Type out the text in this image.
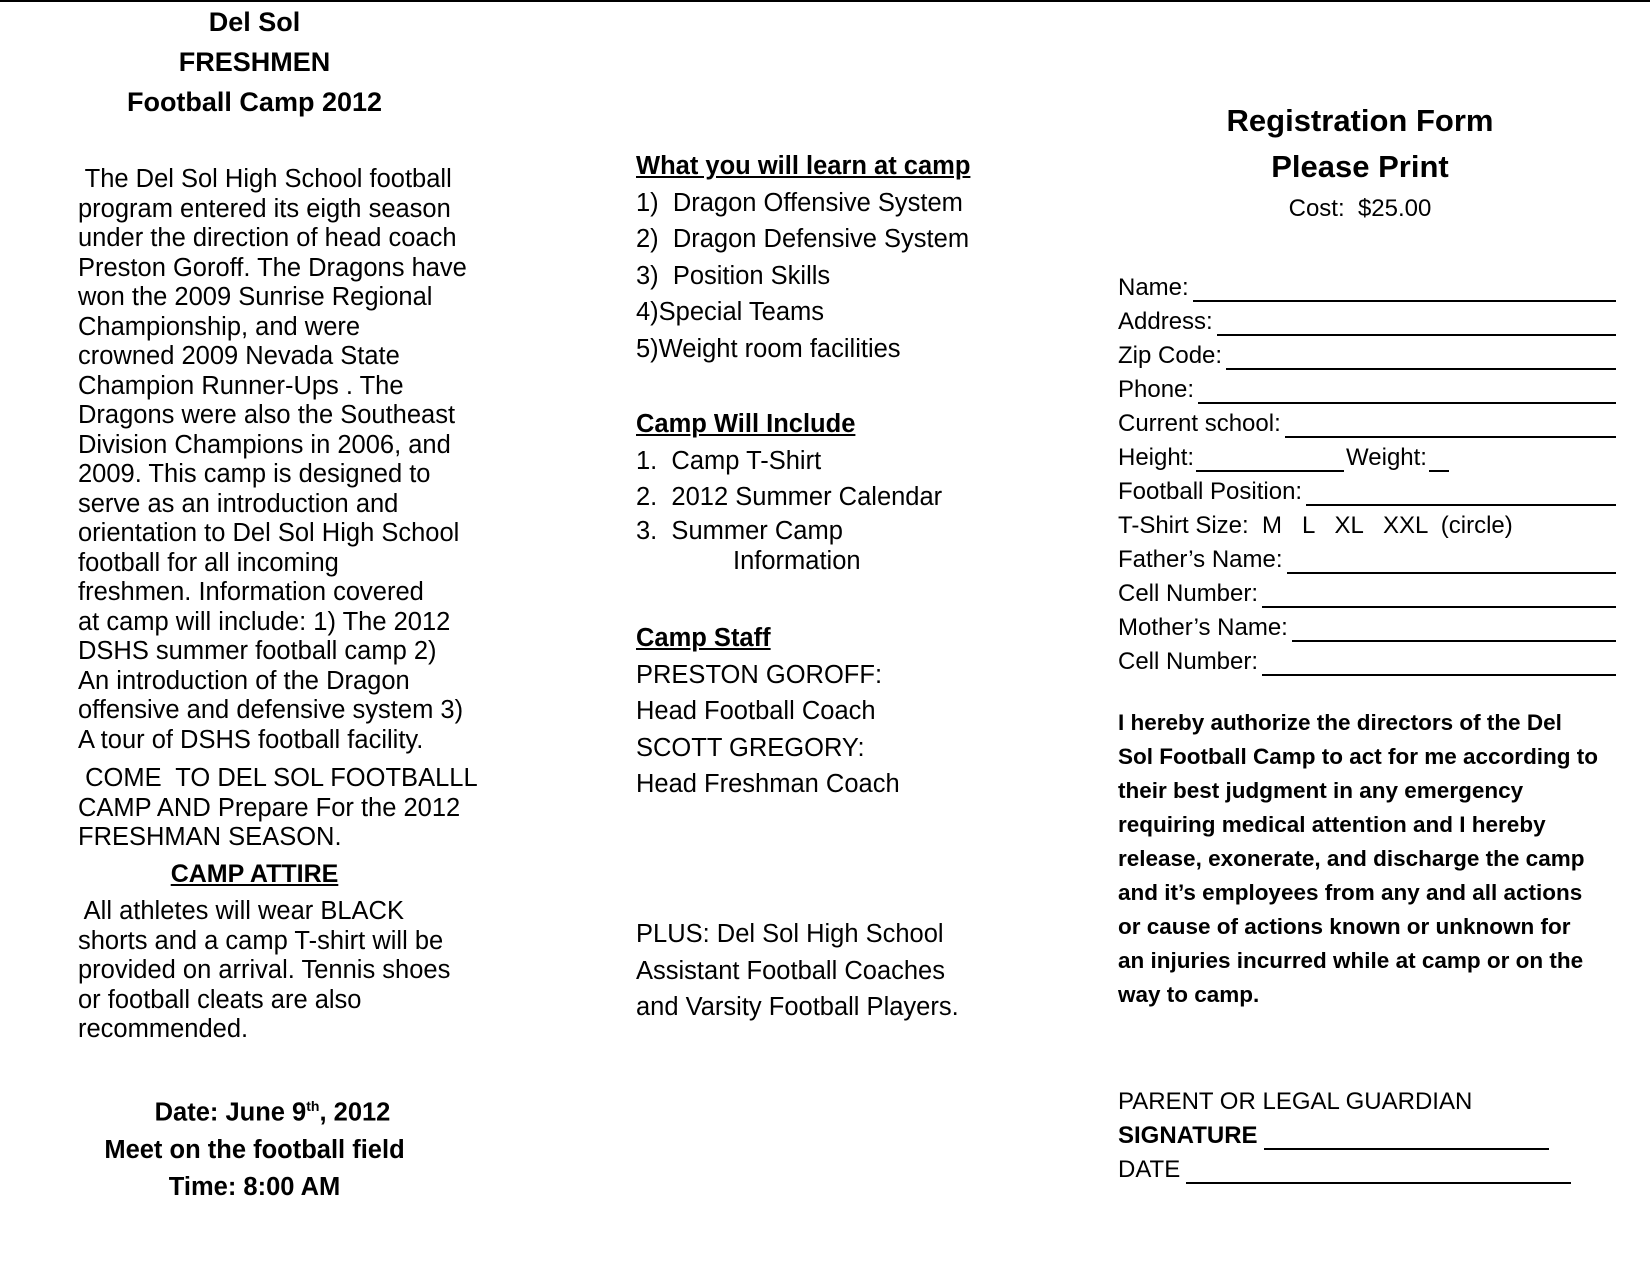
Del Sol
FRESHMEN
Football Camp 2012

The Del Sol High School football

program entered its eigth season

under the direction of head coach

Preston Goroff. The Dragons have

won the 2009 Sunrise Regional

Championship, and were

crowned 2009 Nevada State

Champion Runner-Ups . The

Dragons were also the Southeast

Division Champions in 2006, and

2009. This camp is designed to

serve as an introduction and

orientation to Del Sol High School

football for all incoming

freshmen. Information covered

at camp will include: 1) The 2012

DSHS summer football camp 2)

An introduction of the Dragon

offensive and defensive system 3)

A tour of DSHS football facility.

COME  TO DEL SOL FOOTBALLL
CAMP AND Prepare For the 2012
FRESHMAN SEASON.
CAMP ATTIRE
All athletes will wear BLACK
shorts and a camp T-shirt will be
provided on arrival. Tennis shoes
or football cleats are also
recommended.
Date: June 9th, 2012
Meet on the football field
Time: 8:00 AM
What you will learn at camp
1)  Dragon Offensive System
2)  Dragon Defensive System
3)  Position Skills
4)Special Teams
5)Weight room facilities
Camp Will Include
1.  Camp T-Shirt
2.  2012 Summer Calendar
3.  Summer Camp
Information
Camp Staff
PRESTON GOROFF:
Head Football Coach
SCOTT GREGORY:
Head Freshman Coach
PLUS: Del Sol High School
Assistant Football Coaches
and Varsity Football Players.
Registration Form
Please Print
Cost:  $25.00
Name:
Address:
Zip Code:
Phone:
Current school:
Height:	Weight:
Football Position:
T-Shirt Size:  M   L   XL   XXL  (circle)
Father’s Name:
Cell Number:
Mother’s Name:
Cell Number:
I hereby authorize the directors of the Del
Sol Football Camp to act for me according to
their best judgment in any emergency
requiring medical attention and I hereby
release, exonerate, and discharge the camp
and it’s employees from any and all actions
or cause of actions known or unknown for
an injuries incurred while at camp or on the
way to camp.
PARENT OR LEGAL GUARDIAN
SIGNATURE
DATE
